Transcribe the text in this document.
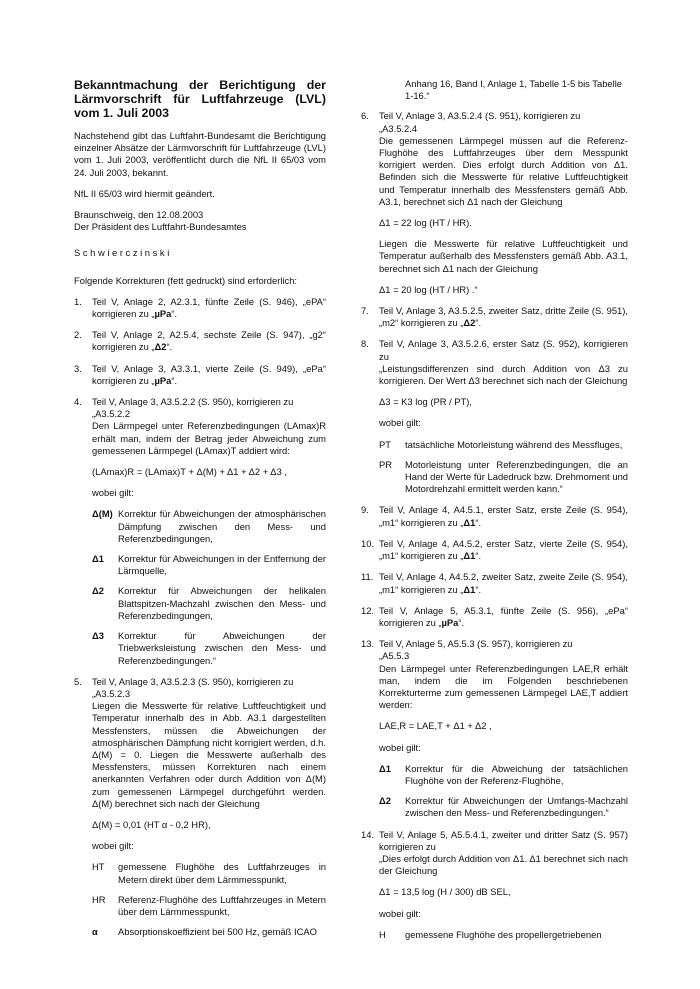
Bekanntmachung der Berichtigung der Lärmvorschrift für Luftfahrzeuge (LVL) vom 1. Juli 2003

Nachstehend gibt das Luftfahrt-Bundesamt die Berichtigung einzelner Absätze der Lärmvorschrift für Luftfahrzeuge (LVL) vom 1. Juli 2003, veröffentlicht durch die NfL II 65/03 vom 24. Juli 2003, bekannt.

NfL II 65/03 wird hiermit geändert.

Braunschweig, den 12.08.2003
Der Präsident des Luftfahrt-Bundesamtes

Schwierczinski

Folgende Korrekturen (fett gedruckt) sind erforderlich:

1. Teil V, Anlage 2, A2.3.1, fünfte Zeile (S. 946), „ePA“ korrigieren zu „µPa“.
2. Teil V, Anlage 2, A2.5.4, sechste Zeile (S. 947), „g2“ korrigieren zu „Δ2“.
3. Teil V, Anlage 3, A3.3.1, vierte Zeile (S. 949), „ePa“ korrigieren zu „µPa“.
4. Teil V, Anlage 3, A3.5.2.2 (S. 950), korrigieren zu
„A3.5.2.2

Den Lärmpegel unter Referenzbedingungen (LAmax)R erhält man, indem der Betrag jeder Abweichung zum gemessenen Lärmpegel (LAmax)T addiert wird:

(LAmax)R = (LAmax)T + Δ(M) + Δ1 + Δ2 + Δ3 ,

wobei gilt:

Δ(M) Korrektur für Abweichungen der atmosphärischen Dämpfung zwischen den Mess- und Referenzbedingungen,
Δ1	Korrektur für Abweichungen in der Entfernung der Lärmquelle,
Δ2	Korrektur für Abweichungen der helikalen Blattspitzen-Machzahl zwischen den Mess- und Referenzbedingungen,
Δ3	Korrektur für Abweichungen der Triebwerksleistung zwischen den Mess- und Referenzbedingungen.“
5. Teil V, Anlage 3, A3.5.2.3 (S. 950), korrigieren zu
„A3.5.2.3

Liegen die Messwerte für relative Luftfeuchtigkeit und Temperatur innerhalb des in Abb. A3.1 dargestellten Messfensters, müssen die Abweichungen der atmosphärischen Dämpfung nicht korrigiert werden, d.h. Δ(M) = 0. Liegen die Messwerte außerhalb des Messfensters, müssen Korrekturen nach einem anerkannten Verfahren oder durch Addition von Δ(M) zum gemessenen Lärmpegel durchgeführt werden. Δ(M) berechnet sich nach der Gleichung

Δ(M) = 0,01 (HT α - 0,2 HR),

wobei gilt:

HT	gemessene Flughöhe des Luftfahrzeuges in Metern direkt über dem Lärmmesspunkt,
HR	Referenz-Flughöhe des Luftfahrzeuges in Metern über dem Lärmmesspunkt,
α	Absorptionskoeffizient bei 500 Hz, gemäß ICAO
Anhang 16, Band I, Anlage 1, Tabelle 1-5 bis Tabelle 1-16.“
6. Teil V, Anlage 3, A3.5.2.4 (S. 951), korrigieren zu
„A3.5.2.4

Die gemessenen Lärmpegel müssen auf die Referenz-Flughöhe des Luftfahrzeuges über dem Messpunkt korrigiert werden. Dies erfolgt durch Addition von Δ1. Befinden sich die Messwerte für relative Luftfeuchtigkeit und Temperatur innerhalb des Messfensters gemäß Abb. A3.1, berechnet sich Δ1 nach der Gleichung

Δ1 = 22 log (HT / HR).

Liegen die Messwerte für relative Luftfeuchtigkeit und Temperatur außerhalb des Messfensters gemäß Abb. A3.1, berechnet sich Δ1 nach der Gleichung

Δ1 = 20 log (HT / HR) .“

7. Teil V, Anlage 3, A3.5.2.5, zweiter Satz, dritte Zeile (S. 951), „m2“ korrigieren zu „Δ2“.
8. Teil V, Anlage 3, A3.5.2.6, erster Satz (S. 952), korrigieren zu

„Leistungsdifferenzen sind durch Addition von Δ3 zu korrigieren. Der Wert Δ3 berechnet sich nach der Gleichung

Δ3 = K3 log (PR / PT),

wobei gilt:

PT	tatsächliche Motorleistung während des Messfluges,
PR	Motorleistung unter Referenzbedingungen, die an Hand der Werte für Ladedruck bzw. Drehmoment und Motordrehzahl ermittelt werden kann.“
9. Teil V, Anlage 4, A4.5.1, erster Satz, erste Zeile (S. 954), „m1“ korrigieren zu „Δ1“.
10. Teil V, Anlage 4, A4.5.2, erster Satz, vierte Zeile (S. 954), „m1“ korrigieren zu „Δ1“.
11. Teil V, Anlage 4, A4.5.2, zweiter Satz, zweite Zeile (S. 954), „m1“ korrigieren zu „Δ1“.
12. Teil V, Anlage 5, A5.3.1, fünfte Zeile (S. 956), „ePa“ korrigieren zu „µPa“.
13. Teil V, Anlage 5, A5.5.3 (S. 957), korrigieren zu
„A5.5.3

Den Lärmpegel unter Referenzbedingungen LAE,R erhält man, indem die im Folgenden beschriebenen Korrekturterme zum gemessenen Lärmpegel LAE,T addiert werden:

LAE,R = LAE,T + Δ1 + Δ2 ,

wobei gilt:

Δ1	Korrektur für die Abweichung der tatsächlichen Flughöhe von der Referenz-Flughöhe,
Δ2	Korrektur für Abweichungen der Umfangs-Machzahl zwischen den Mess- und Referenzbedingungen.“
14. Teil V, Anlage 5, A5.5.4.1, zweiter und dritter Satz (S. 957) korrigieren zu

„Dies erfolgt durch Addition von Δ1. Δ1 berechnet sich nach der Gleichung

Δ1 = 13,5 log (H / 300) dB SEL,

wobei gilt:

H	gemessene Flughöhe des propellergetriebenen
